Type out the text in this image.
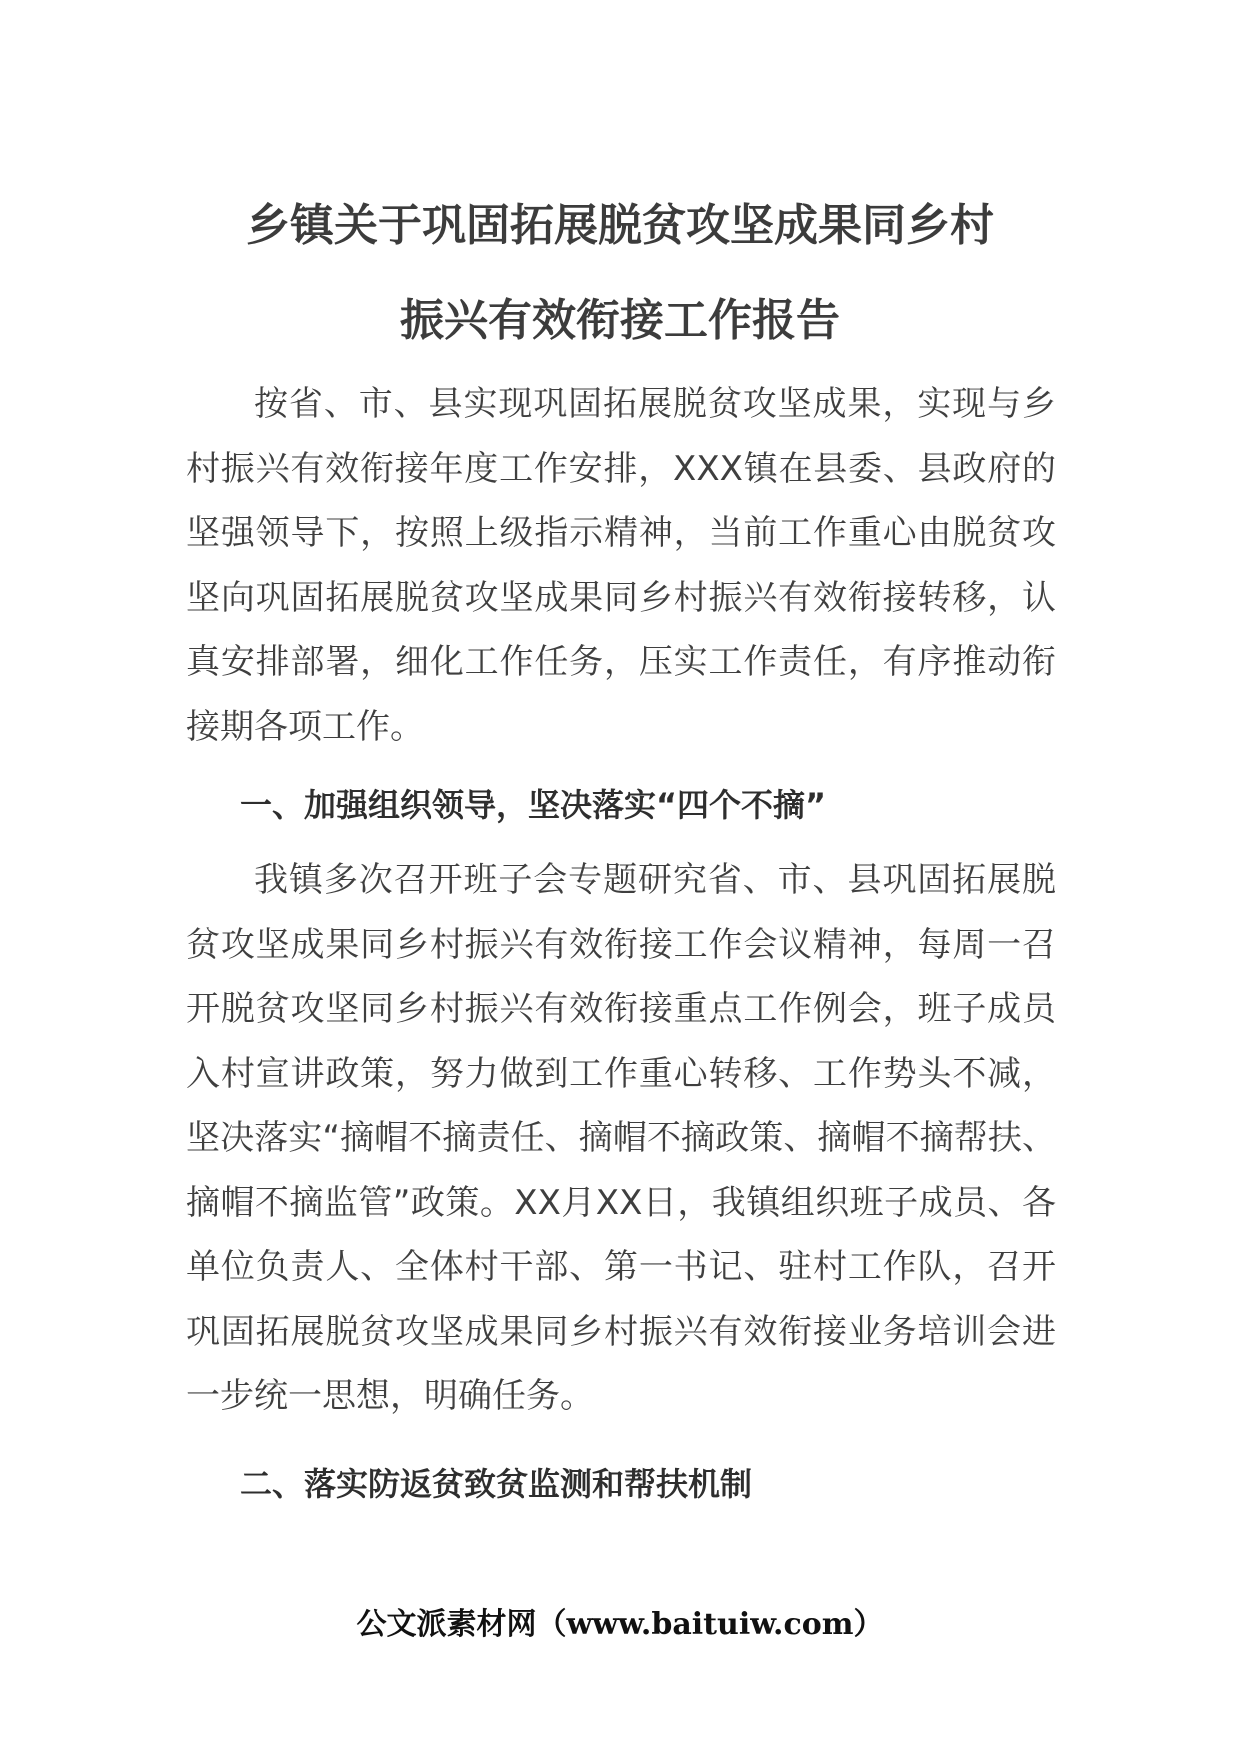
乡镇关于巩固拓展脱贫攻坚成果同乡村
振兴有效衔接工作报告

按省、市、县实现巩固拓展脱贫攻坚成果，实现与乡村振兴有效衔接年度工作安排，XXX镇在县委、县政府的坚强领导下，按照上级指示精神，当前工作重心由脱贫攻坚向巩固拓展脱贫攻坚成果同乡村振兴有效衔接转移，认真安排部署，细化工作任务，压实工作责任，有序推动衔接期各项工作。

一、加强组织领导，坚决落实“四个不摘”

我镇多次召开班子会专题研究省、市、县巩固拓展脱贫攻坚成果同乡村振兴有效衔接工作会议精神，每周一召开脱贫攻坚同乡村振兴有效衔接重点工作例会，班子成员入村宣讲政策，努力做到工作重心转移、工作势头不减，坚决落实“摘帽不摘责任、摘帽不摘政策、摘帽不摘帮扶、摘帽不摘监管”政策。XX月XX日，我镇组织班子成员、各单位负责人、全体村干部、第一书记、驻村工作队，召开巩固拓展脱贫攻坚成果同乡村振兴有效衔接业务培训会进一步统一思想，明确任务。

二、落实防返贫致贫监测和帮扶机制

公文派素材网（www.baituiw.com）
